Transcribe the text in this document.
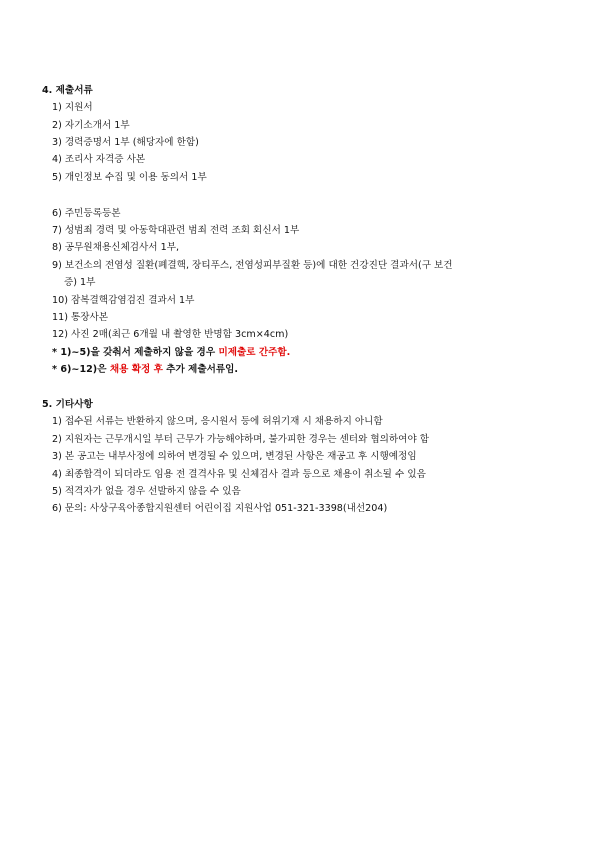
4. 제출서류
1) 지원서
2) 자기소개서 1부
3) 경력증명서 1부 (해당자에 한함)
4) 조리사 자격증 사본
5) 개인정보 수집 및 이용 동의서 1부
6) 주민등록등본
7) 성범죄 경력 및 아동학대관련 범죄 전력 조회 회신서 1부
8) 공무원채용신체검사서 1부,
9) 보건소의 전염성 질환(폐결핵, 장티푸스, 전염성피부질환 등)에 대한 건강진단 결과서(구 보건
증) 1부
10) 잠복결핵감염검진 결과서 1부
11) 통장사본
12) 사진 2매(최근 6개월 내 촬영한 반명함 3cm×4cm)
* 1)~5)을 갖춰서 제출하지 않을 경우 미제출로 간주함.
* 6)~12)은 채용 확정 후 추가 제출서류임.
5. 기타사항
1) 접수된 서류는 반환하지 않으며, 응시원서 등에 허위기재 시 채용하지 아니함
2) 지원자는 근무개시일 부터 근무가 가능해야하며, 불가피한 경우는 센터와 협의하여야 함
3) 본 공고는 내부사정에 의하여 변경될 수 있으며, 변경된 사항은 재공고 후 시행예정임
4) 최종합격이 되더라도 임용 전 결격사유 및 신체검사 결과 등으로 채용이 취소될 수 있음
5) 적격자가 없을 경우 선발하지 않을 수 있음
6) 문의: 사상구육아종합지원센터 어린이집 지원사업 051-321-3398(내선204)
